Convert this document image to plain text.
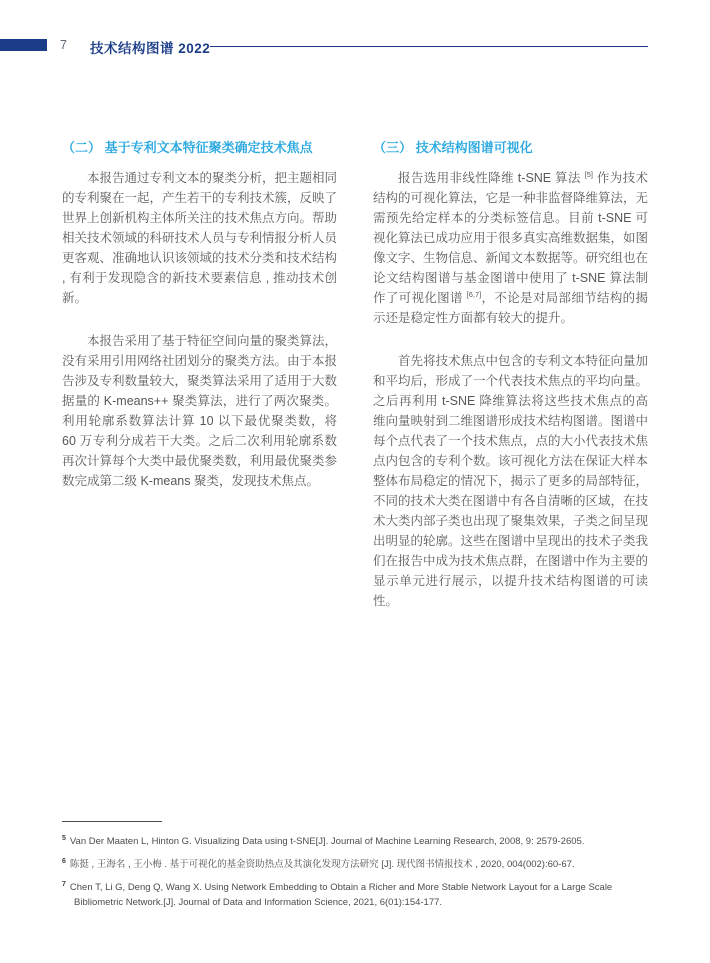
7 技术结构图谱 2022
（二） 基于专利文本特征聚类确定技术焦点

本报告通过专利文本的聚类分析，把主题相同的专利聚在一起，产生若干的专利技术簇，反映了世界上创新机构主体所关注的技术焦点方向。帮助相关技术领域的科研技术人员与专利情报分析人员更客观、准确地认识该领域的技术分类和技术结构 , 有利于发现隐含的新技术要素信息 , 推动技术创新。

本报告采用了基于特征空间向量的聚类算法，没有采用引用网络社团划分的聚类方法。由于本报告涉及专利数量较大，聚类算法采用了适用于大数据量的 K-means++ 聚类算法，进行了两次聚类。利用轮廓系数算法计算 10 以下最优聚类数，将 60 万专利分成若干大类。之后二次利用轮廓系数再次计算每个大类中最优聚类数，利用最优聚类参数完成第二级 K-means 聚类，发现技术焦点。

（三） 技术结构图谱可视化

报告选用非线性降维 t-SNE 算法 [5] 作为技术结构的可视化算法，它是一种非监督降维算法，无需预先给定样本的分类标签信息。目前 t-SNE 可视化算法已成功应用于很多真实高维数据集，如图像文字、生物信息、新闻文本数据等。研究组也在论文结构图谱与基金图谱中使用了 t-SNE 算法制作了可视化图谱 [6,7]，不论是对局部细节结构的揭示还是稳定性方面都有较大的提升。

首先将技术焦点中包含的专利文本特征向量加和平均后，形成了一个代表技术焦点的平均向量。之后再利用 t-SNE 降维算法将这些技术焦点的高维向量映射到二维图谱形成技术结构图谱。图谱中每个点代表了一个技术焦点，点的大小代表技术焦点内包含的专利个数。该可视化方法在保证大样本整体布局稳定的情况下，揭示了更多的局部特征，不同的技术大类在图谱中有各自清晰的区域，在技术大类内部子类也出现了聚集效果，子类之间呈现出明显的轮廓。这些在图谱中呈现出的技术子类我们在报告中成为技术焦点群，在图谱中作为主要的显示单元进行展示，以提升技术结构图谱的可读性。

$^5$ Van Der Maaten L, Hinton G. Visualizing Data using t-SNE[J]. Journal of Machine Learning Research, 2008, 9: 2579-2605.
$^6$ 陈挺 , 王海名 , 王小梅 . 基于可视化的基金资助热点及其演化发现方法研究 [J]. 现代图书情报技术 , 2020, 004(002):60-67.
$^7$ Chen T, Li G, Deng Q, Wang X. Using Network Embedding to Obtain a Richer and More Stable Network Layout for a Large Scale Bibliometric Network.[J]. Journal of Data and Information Science, 2021, 6(01):154-177.
